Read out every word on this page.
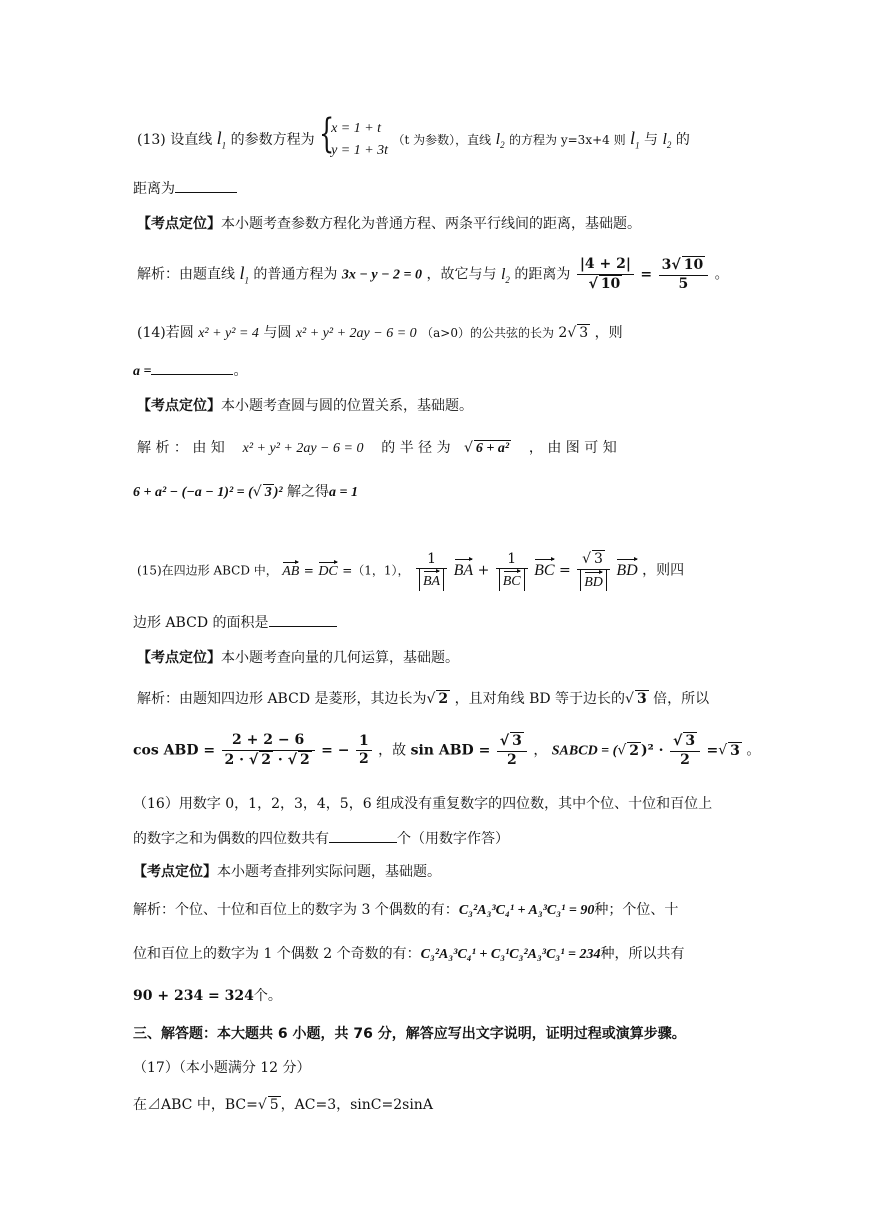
(13) 设直线 $l_1$ 的参数方程为 {
x = 1 + t
y = 1 + 3t
（t 为参数），直线 $l_2$ 的方程为 y=3x+4 则 $l_1$ 与 $l_2$ 的
距离为
【考点定位】本小题考查参数方程化为普通方程、两条平行线间的距离，基础题。
解析：由题直线 $l_1$ 的普通方程为 3x − y − 2 = 0 ，故它与与 $l_2$ 的距离为 $\frac{|4 + 2|}{√ 10} = \frac{3√ 10}{5}$ 。
(14)若圆 x² + y² = 4 与圆 x² + y² + 2ay − 6 = 0 （a>0）的公共弦的长为 2√ 3 ，则
a =	。
【考点定位】本小题考查圆与圆的位置关系，基础题。
解 析 ： 由 知 x² + y² + 2ay − 6 = 0 的 半 径 为 √ 6 + a² ， 由 图 可 知
6 + a² − (−a − 1)² = (√ 3 )² 解之得a = 1
(15)在四边形 ABCD 中， AB = DC =（1，1）， $\frac{1}{BA}$ BA + $\frac{1}{BC}$ BC = $\frac{√ 3}{BD}$ BD ，则四
边形 ABCD 的面积是
【考点定位】本小题考查向量的几何运算，基础题。
解析：由题知四边形 ABCD 是菱形，其边长为√ 2 ，且对角线 BD 等于边长的√ 3 倍，所以
cos ABD = $\frac{2 + 2 - 6}{2 \cdot √ 2 \cdot √ 2}$ = − $\frac{1}{2}$ ，故 sin ABD = $\frac{√ 3}{2}$ ， SABCD = (√ 2 )$^2 \cdot \frac{√ 3}{2}$ =√ 3 。
（16）用数字 0，1，2，3，4，5，6 组成没有重复数字的四位数，其中个位、十位和百位上
的数字之和为偶数的四位数共有	个（用数字作答）
【考点定位】本小题考查排列实际问题，基础题。
解析：个位、十位和百位上的数字为 3 个偶数的有：C₃²A₃³C₄¹ + A₃³C₃¹ = 90种；个位、十
位和百位上的数字为 1 个偶数 2 个奇数的有：C₃²A₃³C₄¹ + C₃¹C₃²A₃³C₃¹ = 234种，所以共有
90 + 234 = 324个。
三、解答题：本大题共 6 小题，共 76 分，解答应写出文字说明，证明过程或演算步骤。
（17）（本小题满分 12 分）
在⊿ABC 中，BC=√ 5 ，AC=3，sinC=2sinA
